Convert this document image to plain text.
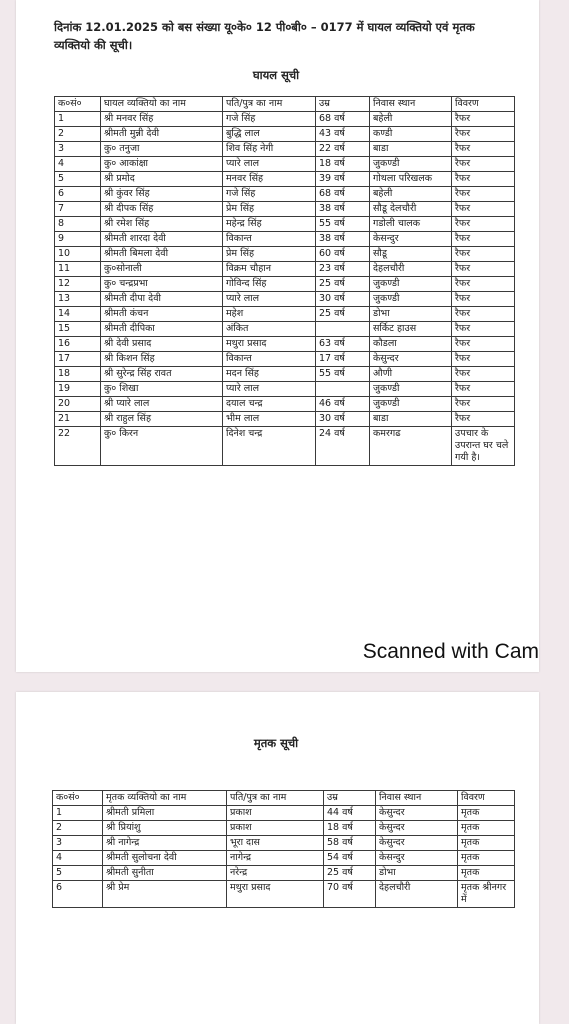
दिनांक 12.01.2025 को बस संख्या यू०के० 12 पी०बी० – 0177 में घायल व्यक्तियो एवं मृतक व्यक्तियो की सूची।
घायल सूची
क०सं०	घायल व्यक्तियो का नाम	पति/पुत्र का नाम	उम्र	निवास स्थान	विवरण
1	श्री मनवर सिंह	गजे सिंह	68 वर्ष	बहेली	रैफर
2	श्रीमती मुन्नी देवी	बुद्धि लाल	43 वर्ष	कण्डी	रैफर
3	कु० तनुजा	शिव सिंह नेगी	22 वर्ष	बाडा	रैफर
4	कु० आकांक्षा	प्यारे लाल	18 वर्ष	जुकण्डी	रैफर
5	श्री प्रमोद	मनवर सिंह	39 वर्ष	गोथला परिखलक	रैफर
6	श्री कुंवर सिंह	गजे सिंह	68 वर्ष	बहेली	रैफर
7	श्री दीपक सिंह	प्रेम सिंह	38 वर्ष	सौडू देलचौरी	रैफर
8	श्री रमेश सिंह	महेन्द्र सिंह	55 वर्ष	गडोली चालक	रैफर
9	श्रीमती शारदा देवी	विकान्त	38 वर्ष	केसन्दुर	रैफर
10	श्रीमती बिमला देवी	प्रेम सिंह	60 वर्ष	सौडू	रैफर
11	कु०सोनाली	विक्रम चौहान	23 वर्ष	देहलचौरी	रैफर
12	कु० चन्द्रप्रभा	गोविन्द सिंह	25 वर्ष	जुकण्डी	रैफर
13	श्रीमती दीपा देवी	प्यारे लाल	30 वर्ष	जुकण्डी	रैफर
14	श्रीमती कंचन	महेश	25 वर्ष	डोभा	रैफर
15	श्रीमती दीपिका	अंकित		सर्किट हाउस	रैफर
16	श्री देवी प्रसाद	मथुरा प्रसाद	63 वर्ष	कौडला	रैफर
17	श्री किशन सिंह	विकान्त	17 वर्ष	केसुन्दर	रैफर
18	श्री सुरेन्द्र सिंह रावत	मदन सिंह	55 वर्ष	औणी	रैफर
19	कु० शिखा	प्यारे लाल		जुकण्डी	रैफर
20	श्री प्यारे लाल	दयाल चन्द्र	46 वर्ष	जुकण्डी	रैफर
21	श्री राहुल सिंह	भीम लाल	30 वर्ष	बाडा	रैफर
22	कु० किरन	दिनेश चन्द्र	24 वर्ष	कमरगढ	उपचार के उपरान्त घर चले गयी है।
Scanned with Cam
मृतक सूची
क०सं०	मृतक व्यक्तियो का नाम	पति/पुत्र का नाम	उम्र	निवास स्थान	विवरण
1	श्रीमती प्रमिला	प्रकाश	44 वर्ष	केसुन्दर	मृतक
2	श्री प्रियांशु	प्रकाश	18 वर्ष	केसुन्दर	मृतक
3	श्री नागेन्द्र	भूरा दास	58 वर्ष	केसुन्दर	मृतक
4	श्रीमती सुलोचना देवी	नागेन्द्र	54 वर्ष	केसन्दुर	मृतक
5	श्रीमती सुनीता	नरेन्द्र	25 वर्ष	डोभा	मृतक
6	श्री प्रेम	मथुरा प्रसाद	70 वर्ष	देहलचौरी	मृतक श्रीनगर में
